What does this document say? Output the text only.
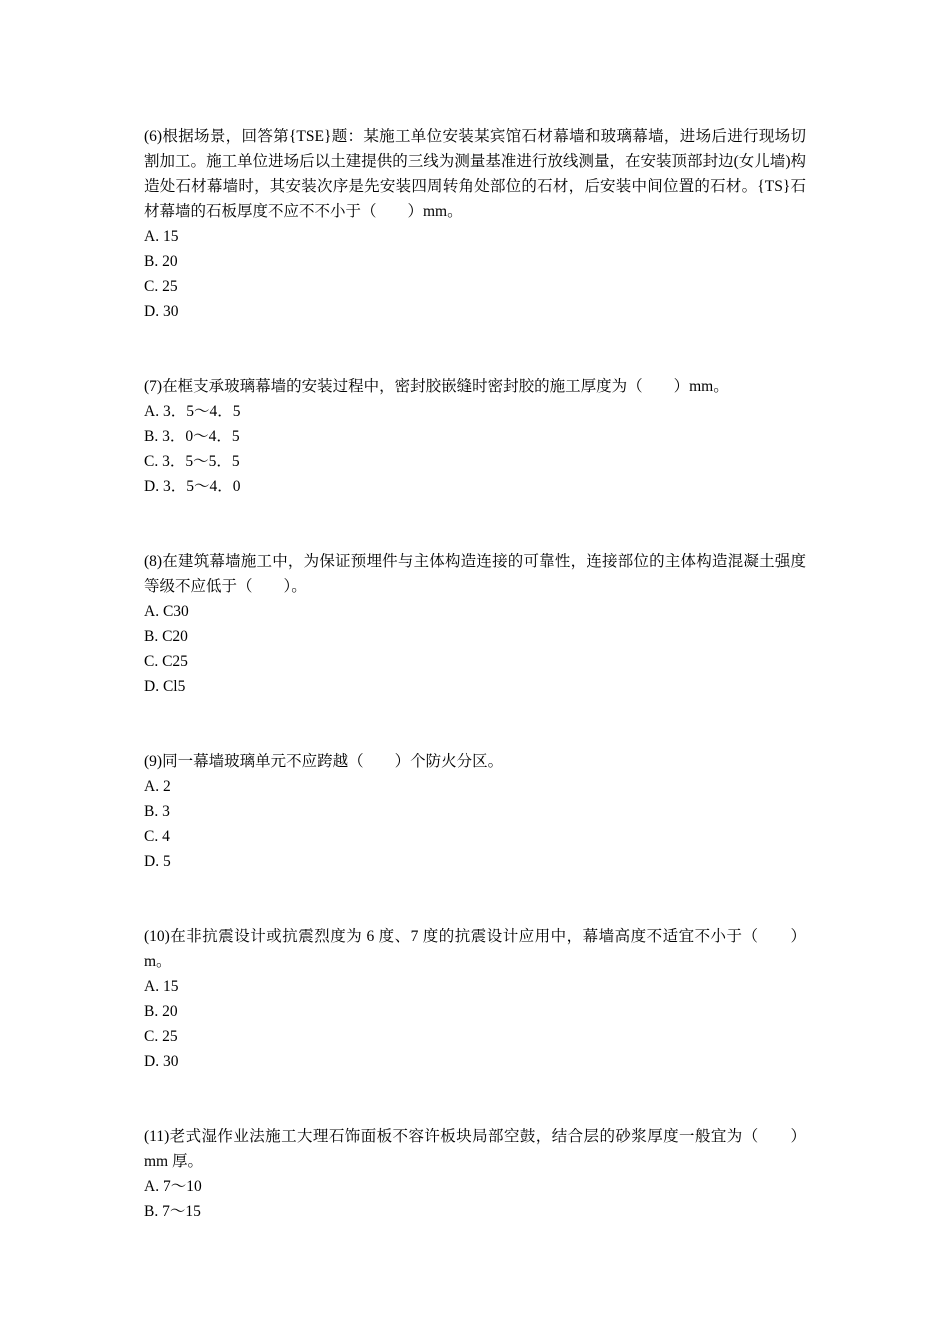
(6)根据场景，回答第{TSE}题：某施工单位安装某宾馆石材幕墙和玻璃幕墙，进场后进行现场切割加工。施工单位进场后以土建提供的三线为测量基准进行放线测量，在安装顶部封边(女儿墙)构造处石材幕墙时，其安装次序是先安装四周转角处部位的石材，后安装中间位置的石材。{TS}石材幕墙的石板厚度不应不不小于（　　）mm。

A. 15

B. 20

C. 25

D. 30

(7)在框支承玻璃幕墙的安装过程中，密封胶嵌缝时密封胶的施工厚度为（　　）mm。

A. 3．5～4．5

B. 3．0～4．5

C. 3．5～5．5

D. 3．5～4．0

(8)在建筑幕墙施工中，为保证预埋件与主体构造连接的可靠性，连接部位的主体构造混凝土强度等级不应低于（　　）。

A. C30

B. C20

C. C25

D. Cl5

(9)同一幕墙玻璃单元不应跨越（　　）个防火分区。

A. 2

B. 3

C. 4

D. 5

(10)在非抗震设计或抗震烈度为 6 度、7 度的抗震设计应用中，幕墙高度不适宜不小于（　　）m。

A. 15

B. 20

C. 25

D. 30

(11)老式湿作业法施工大理石饰面板不容许板块局部空鼓，结合层的砂浆厚度一般宜为（　　）mm 厚。

A. 7～10

B. 7～15
